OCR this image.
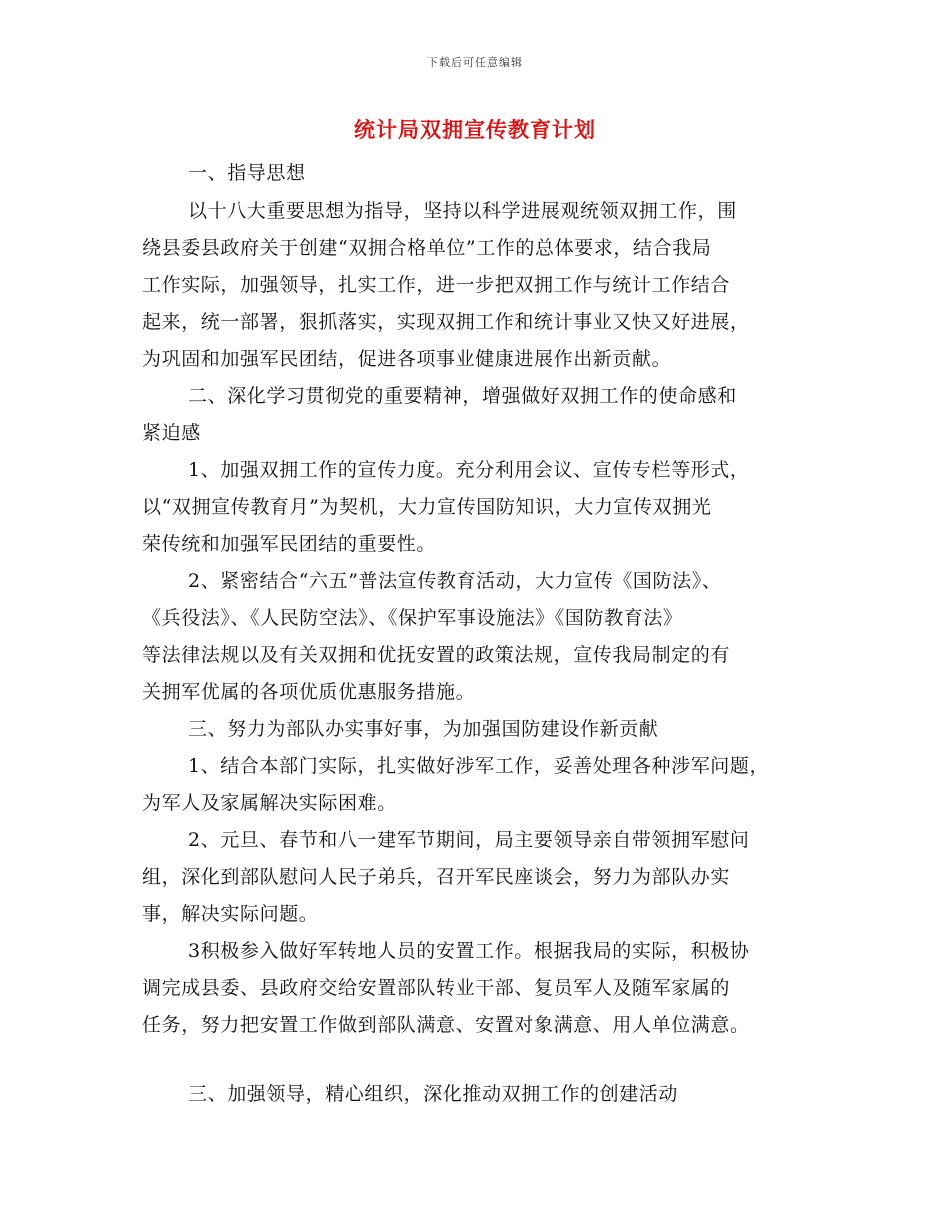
下载后可任意编辑
统计局双拥宣传教育计划
一、指导思想
以十八大重要思想为指导，坚持以科学进展观统领双拥工作，围
绕县委县政府关于创建“双拥合格单位”工作的总体要求，结合我局
工作实际，加强领导，扎实工作，进一步把双拥工作与统计工作结合
起来，统一部署，狠抓落实，实现双拥工作和统计事业又快又好进展，
为巩固和加强军民团结，促进各项事业健康进展作出新贡献。
二、深化学习贯彻党的重要精神，增强做好双拥工作的使命感和
紧迫感
1、加强双拥工作的宣传力度。充分利用会议、宣传专栏等形式，
以“双拥宣传教育月”为契机，大力宣传国防知识，大力宣传双拥光
荣传统和加强军民团结的重要性。
2、紧密结合“六五”普法宣传教育活动，大力宣传《国防法》、
《兵役法》、《人民防空法》、《保护军事设施法》《国防教育法》
等法律法规以及有关双拥和优抚安置的政策法规，宣传我局制定的有
关拥军优属的各项优质优惠服务措施。
三、努力为部队办实事好事，为加强国防建设作新贡献
1、结合本部门实际，扎实做好涉军工作，妥善处理各种涉军问题，
为军人及家属解决实际困难。
2、元旦、春节和八一建军节期间，局主要领导亲自带领拥军慰问
组，深化到部队慰问人民子弟兵，召开军民座谈会，努力为部队办实
事，解决实际问题。
3积极参入做好军转地人员的安置工作。根据我局的实际，积极协
调完成县委、县政府交给安置部队转业干部、复员军人及随军家属的
任务，努力把安置工作做到部队满意、安置对象满意、用人单位满意。
三、加强领导，精心组织，深化推动双拥工作的创建活动
